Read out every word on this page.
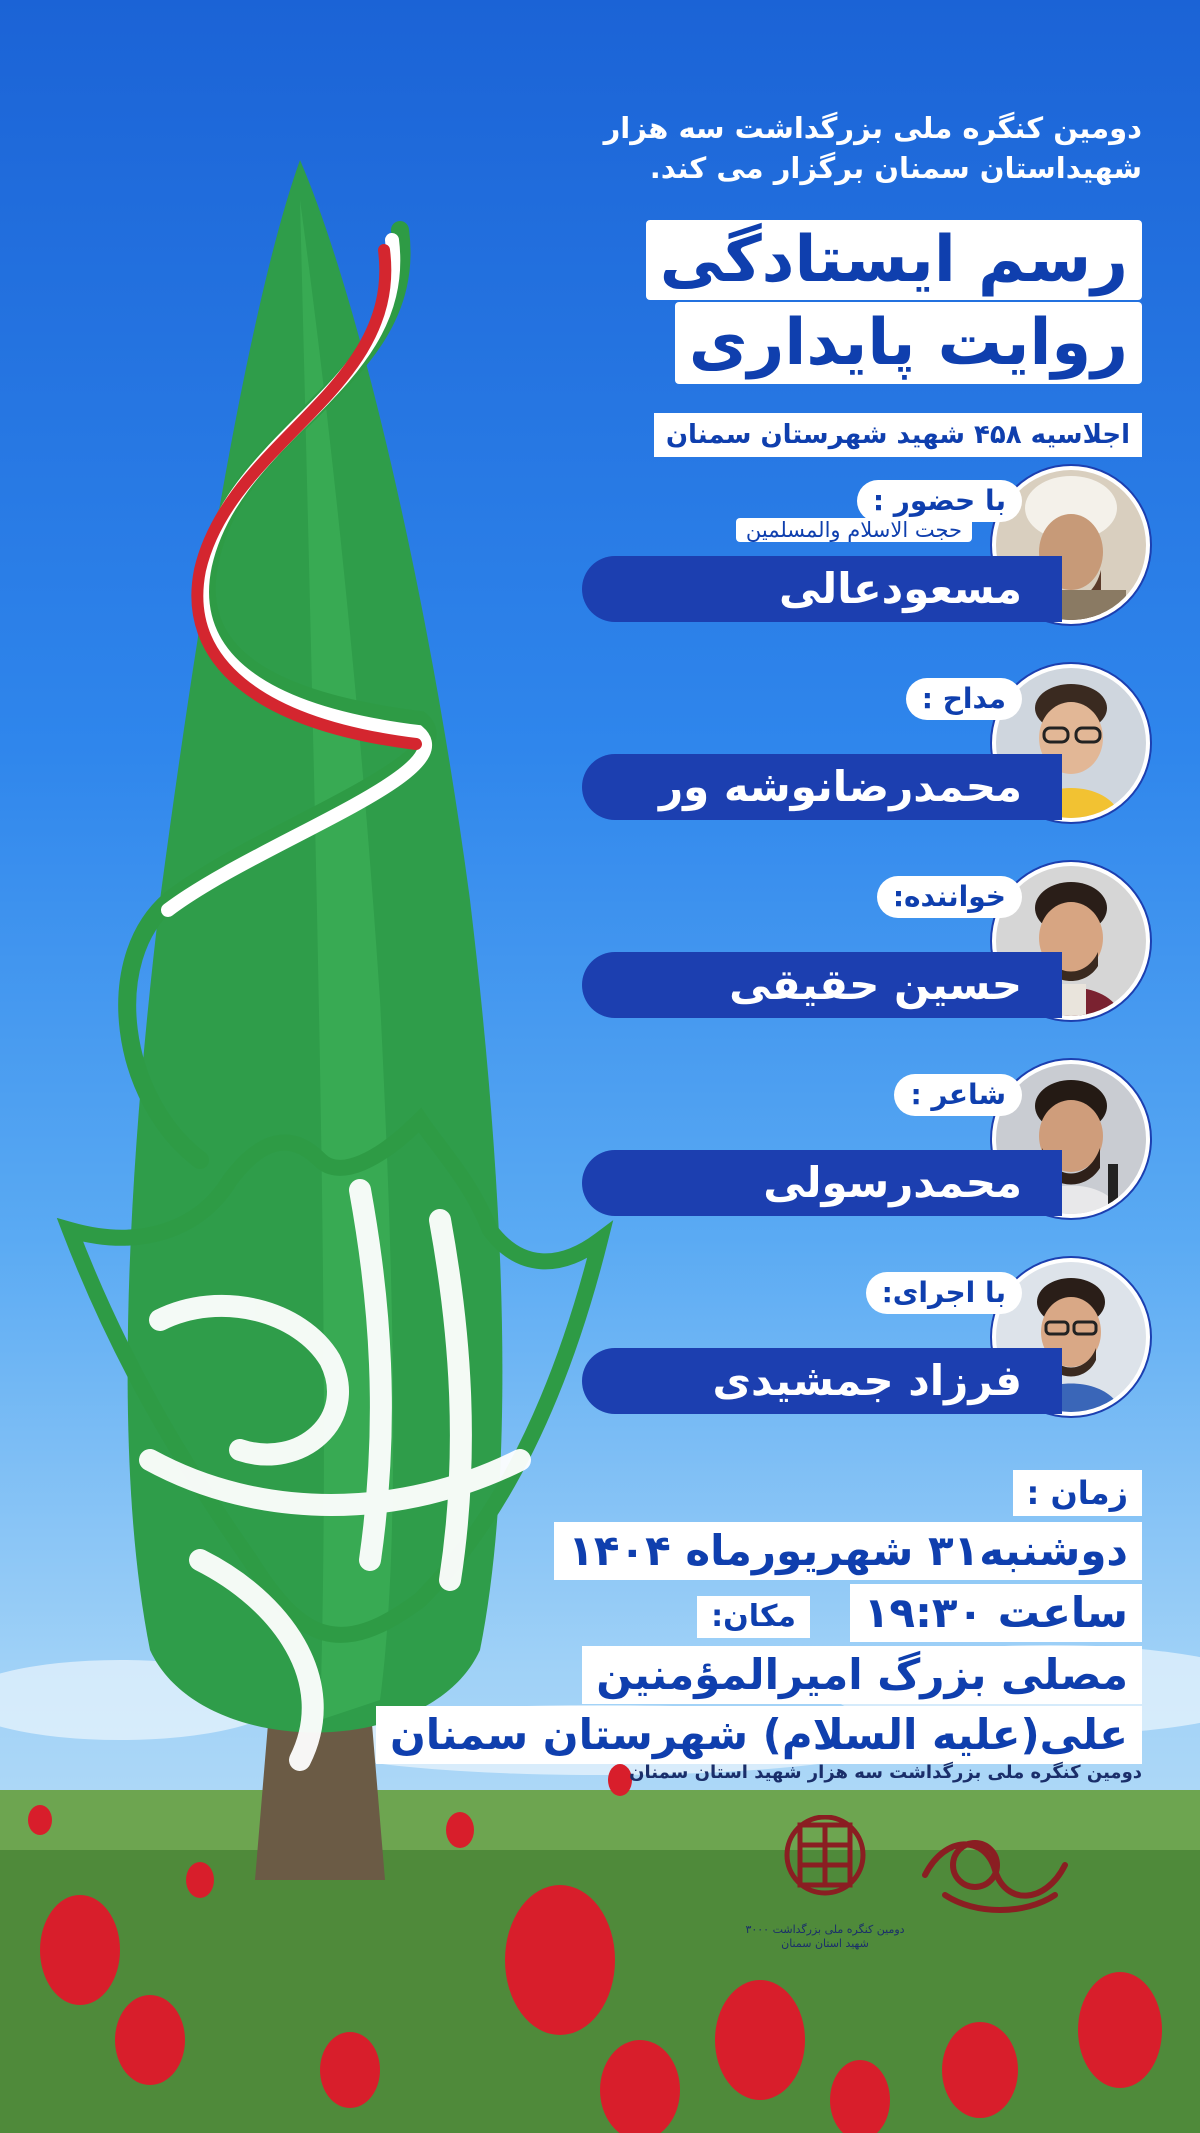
دومین کنگره ملی بزرگداشت سه هزار
شهیداستان سمنان برگزار می کند.
رسم ایستادگی
روایت پایداری
اجلاسیه ۴۵۸ شهید شهرستان سمنان
با حضور :
حجت الاسلام والمسلمین
مسعودعالی
مداح :
محمدرضانوشه ور
خواننده:
حسین حقیقی
شاعر :
محمدرسولی
با اجرای:
فرزاد جمشیدی
زمان :
دوشنبه۳۱ شهریورماه ۱۴۰۴
ساعت ۱۹:۳۰
مکان:
مصلی بزرگ امیرالمؤمنین
علی(علیه السلام) شهرستان سمنان
دومین کنگره ملی بزرگداشت سه هزار شهید استان سمنان
دومین کنگره ملی بزرگداشت ۳۰۰۰ شهید استان سمنان
